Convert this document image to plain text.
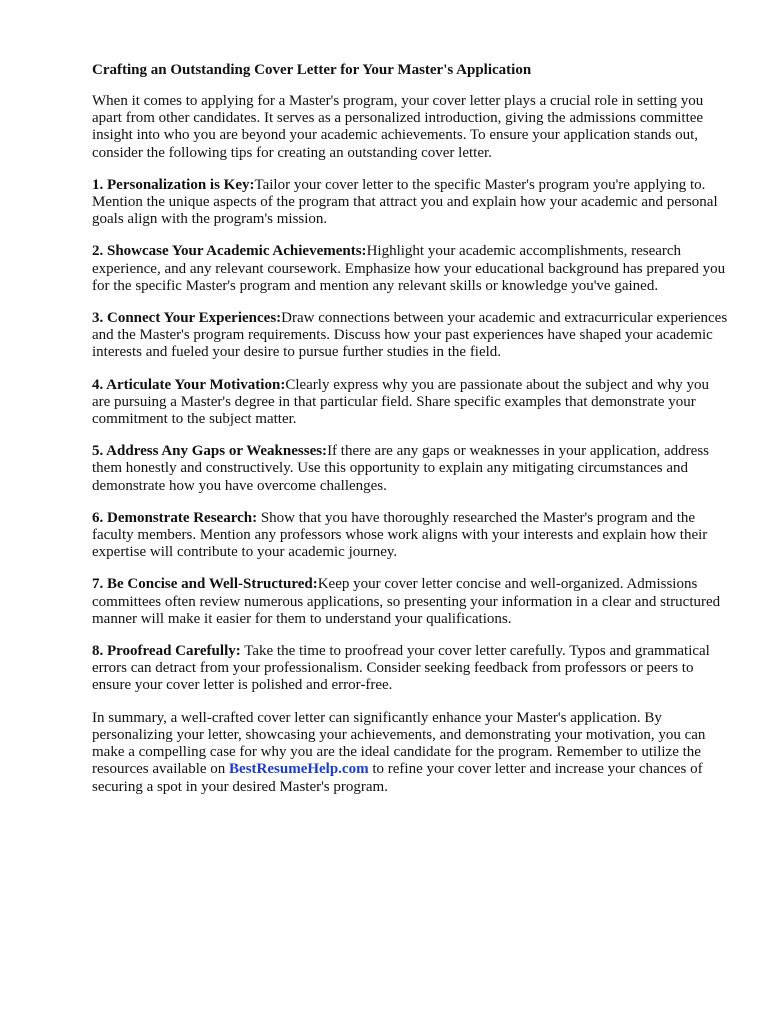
Crafting an Outstanding Cover Letter for Your Master's Application

When it comes to applying for a Master's program, your cover letter plays a crucial role in setting you apart from other candidates. It serves as a personalized introduction, giving the admissions committee insight into who you are beyond your academic achievements. To ensure your application stands out, consider the following tips for creating an outstanding cover letter.

1. Personalization is Key:Tailor your cover letter to the specific Master's program you're applying to. Mention the unique aspects of the program that attract you and explain how your academic and personal goals align with the program's mission.

2. Showcase Your Academic Achievements:Highlight your academic accomplishments, research experience, and any relevant coursework. Emphasize how your educational background has prepared you for the specific Master's program and mention any relevant skills or knowledge you've gained.

3. Connect Your Experiences:Draw connections between your academic and extracurricular experiences and the Master's program requirements. Discuss how your past experiences have shaped your academic interests and fueled your desire to pursue further studies in the field.

4. Articulate Your Motivation:Clearly express why you are passionate about the subject and why you are pursuing a Master's degree in that particular field. Share specific examples that demonstrate your commitment to the subject matter.

5. Address Any Gaps or Weaknesses:If there are any gaps or weaknesses in your application, address them honestly and constructively. Use this opportunity to explain any mitigating circumstances and demonstrate how you have overcome challenges.

6. Demonstrate Research: Show that you have thoroughly researched the Master's program and the faculty members. Mention any professors whose work aligns with your interests and explain how their expertise will contribute to your academic journey.

7. Be Concise and Well-Structured:Keep your cover letter concise and well-organized. Admissions committees often review numerous applications, so presenting your information in a clear and structured manner will make it easier for them to understand your qualifications.

8. Proofread Carefully: Take the time to proofread your cover letter carefully. Typos and grammatical errors can detract from your professionalism. Consider seeking feedback from professors or peers to ensure your cover letter is polished and error-free.

In summary, a well-crafted cover letter can significantly enhance your Master's application. By personalizing your letter, showcasing your achievements, and demonstrating your motivation, you can make a compelling case for why you are the ideal candidate for the program. Remember to utilize the resources available on BestResumeHelp.com to refine your cover letter and increase your chances of securing a spot in your desired Master's program.
